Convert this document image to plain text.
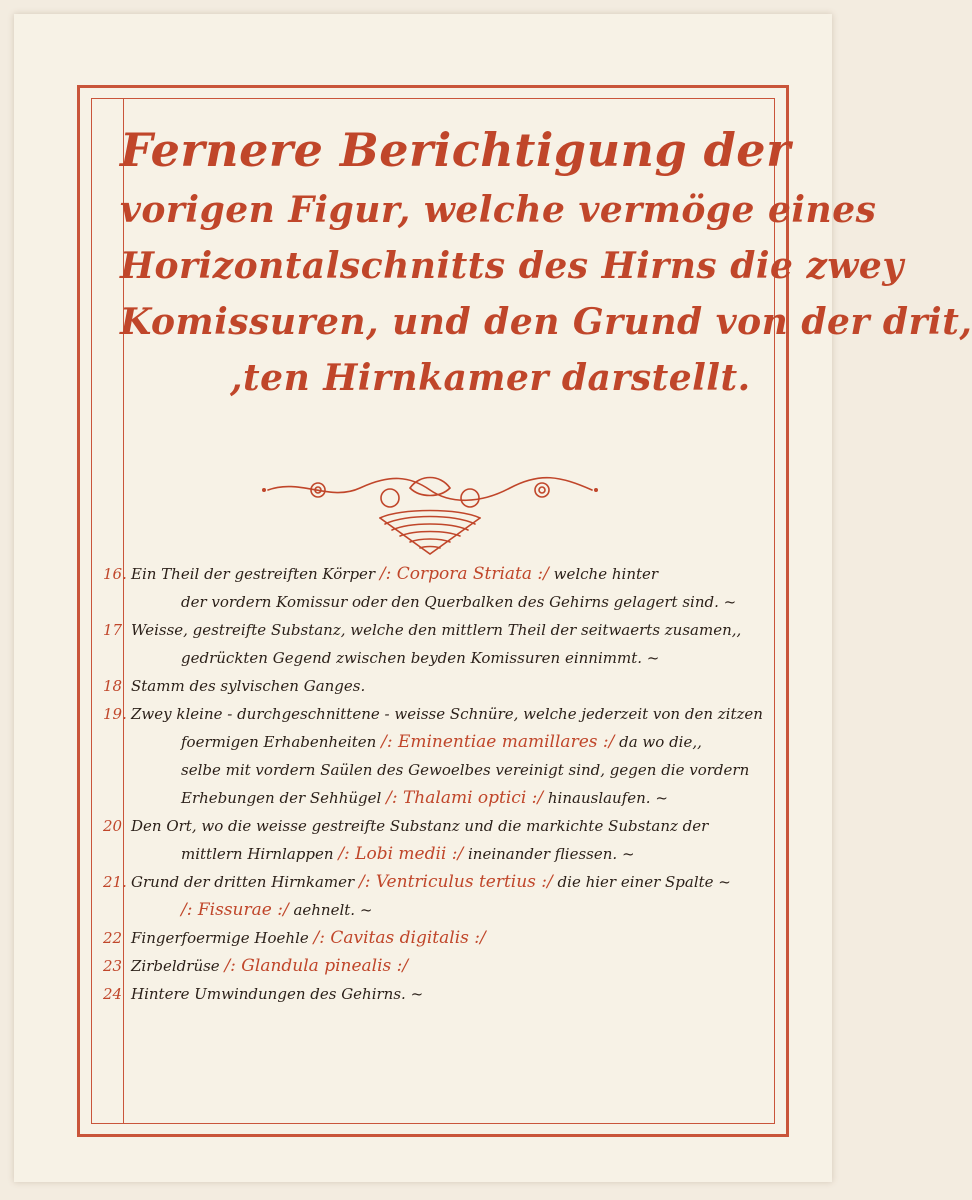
Fernere Berichtigung der
vorigen Figur, welche vermöge eines
Horizontalschnitts des Hirns die zwey
Komissuren, und den Grund von der drit,
,ten Hirnkamer darstellt.
16. Ein Theil der gestreiften Körper /: Corpora Striata :/ welche hinter
der vordern Komissur oder den Querbalken des Gehirns gelagert sind. ~
17 Weisse, gestreifte Substanz, welche den mittlern Theil der seitwaerts zusamen,,
gedrückten Gegend zwischen beyden Komissuren einnimmt. ~
18 Stamm des sylvischen Ganges.
19. Zwey kleine - durchgeschnittene - weisse Schnüre, welche jederzeit von den zitzen
foermigen Erhabenheiten /: Eminentiae mamillares :/ da wo die,,
selbe mit vordern Saülen des Gewoelbes vereinigt sind, gegen die vordern
Erhebungen der Sehhügel /: Thalami optici :/ hinauslaufen. ~
20 Den Ort, wo die weisse gestreifte Substanz und die markichte Substanz der
mittlern Hirnlappen /: Lobi medii :/ ineinander fliessen. ~
21. Grund der dritten Hirnkamer /: Ventriculus tertius :/ die hier einer Spalte ~
/: Fissurae :/ aehnelt. ~
22 Fingerfoermige Hoehle /: Cavitas digitalis :/
23 Zirbeldrüse /: Glandula pinealis :/
24 Hintere Umwindungen des Gehirns. ~
